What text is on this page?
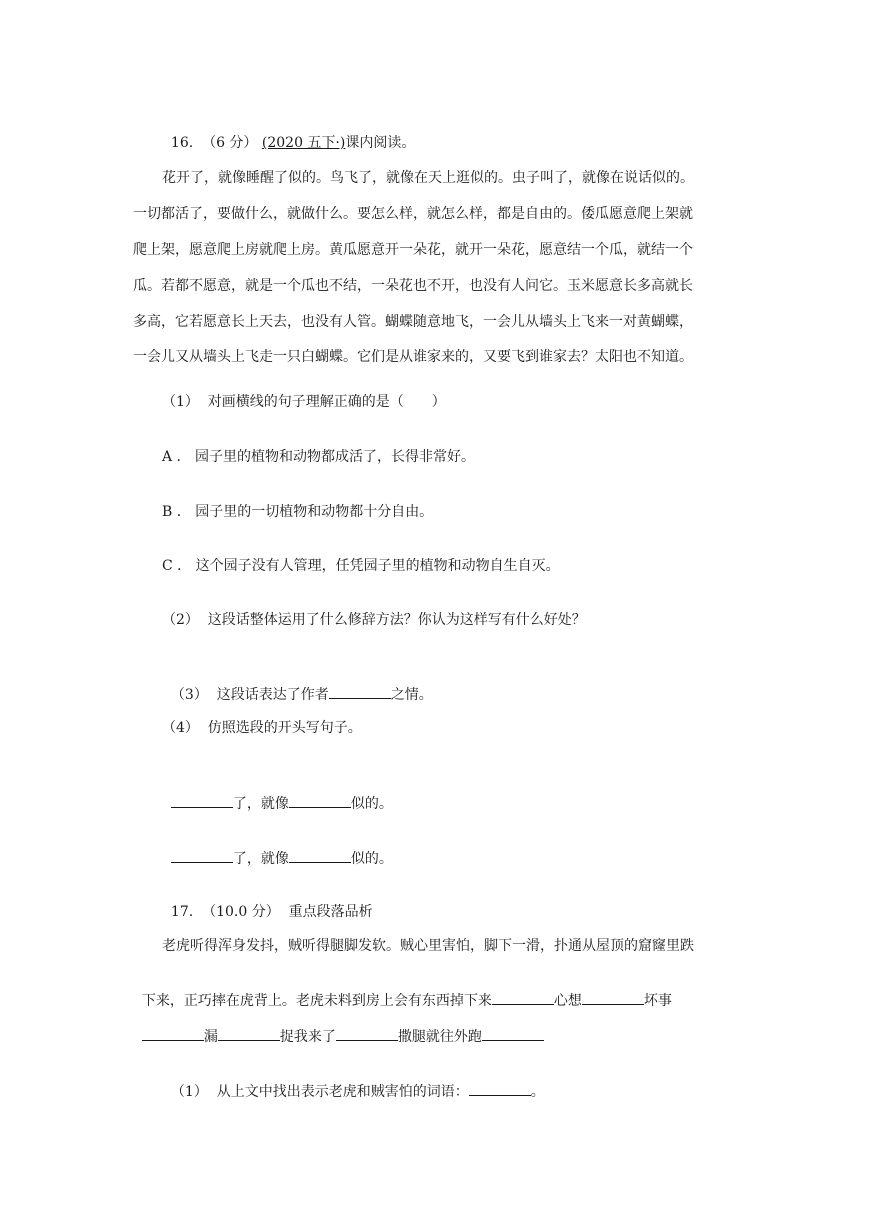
16. （6 分） (2020 五下·)课内阅读。

花开了，就像睡醒了似的。鸟飞了，就像在天上逛似的。虫子叫了，就像在说话似的。
一切都活了，要做什么，就做什么。要怎么样，就怎么样，都是自由的。倭瓜愿意爬上架就
爬上架，愿意爬上房就爬上房。黄瓜愿意开一朵花，就开一朵花，愿意结一个瓜，就结一个
瓜。若都不愿意，就是一个瓜也不结，一朵花也不开，也没有人问它。玉米愿意长多高就长
多高，它若愿意长上天去，也没有人管。蝴蝶随意地飞，一会儿从墙头上飞来一对黄蝴蝶，
一会儿又从墙头上飞走一只白蝴蝶。它们是从谁家来的，又要飞到谁家去？太阳也不知道。
（1）  对画横线的句子理解正确的是（　　）
A ． 园子里的植物和动物都成活了，长得非常好。
B ． 园子里的一切植物和动物都十分自由。
C ． 这个园子没有人管理，任凭园子里的植物和动物自生自灭。
（2）  这段话整体运用了什么修辞方法？你认为这样写有什么好处？

（3）  这段话表达了作者	之情。

（4）  仿照选段的开头写句子。

了，就像	似的。

了，就像	似的。

17. （10.0 分） 重点段落品析

老虎听得浑身发抖，贼听得腿脚发软。贼心里害怕，脚下一滑，扑通从屋顶的窟窿里跌

下来，正巧摔在虎背上。老虎未料到房上会有东西掉下来	心想	坏事

漏	捉我来了	撒腿就往外跑

（1）  从上文中找出表示老虎和贼害怕的词语：	。
